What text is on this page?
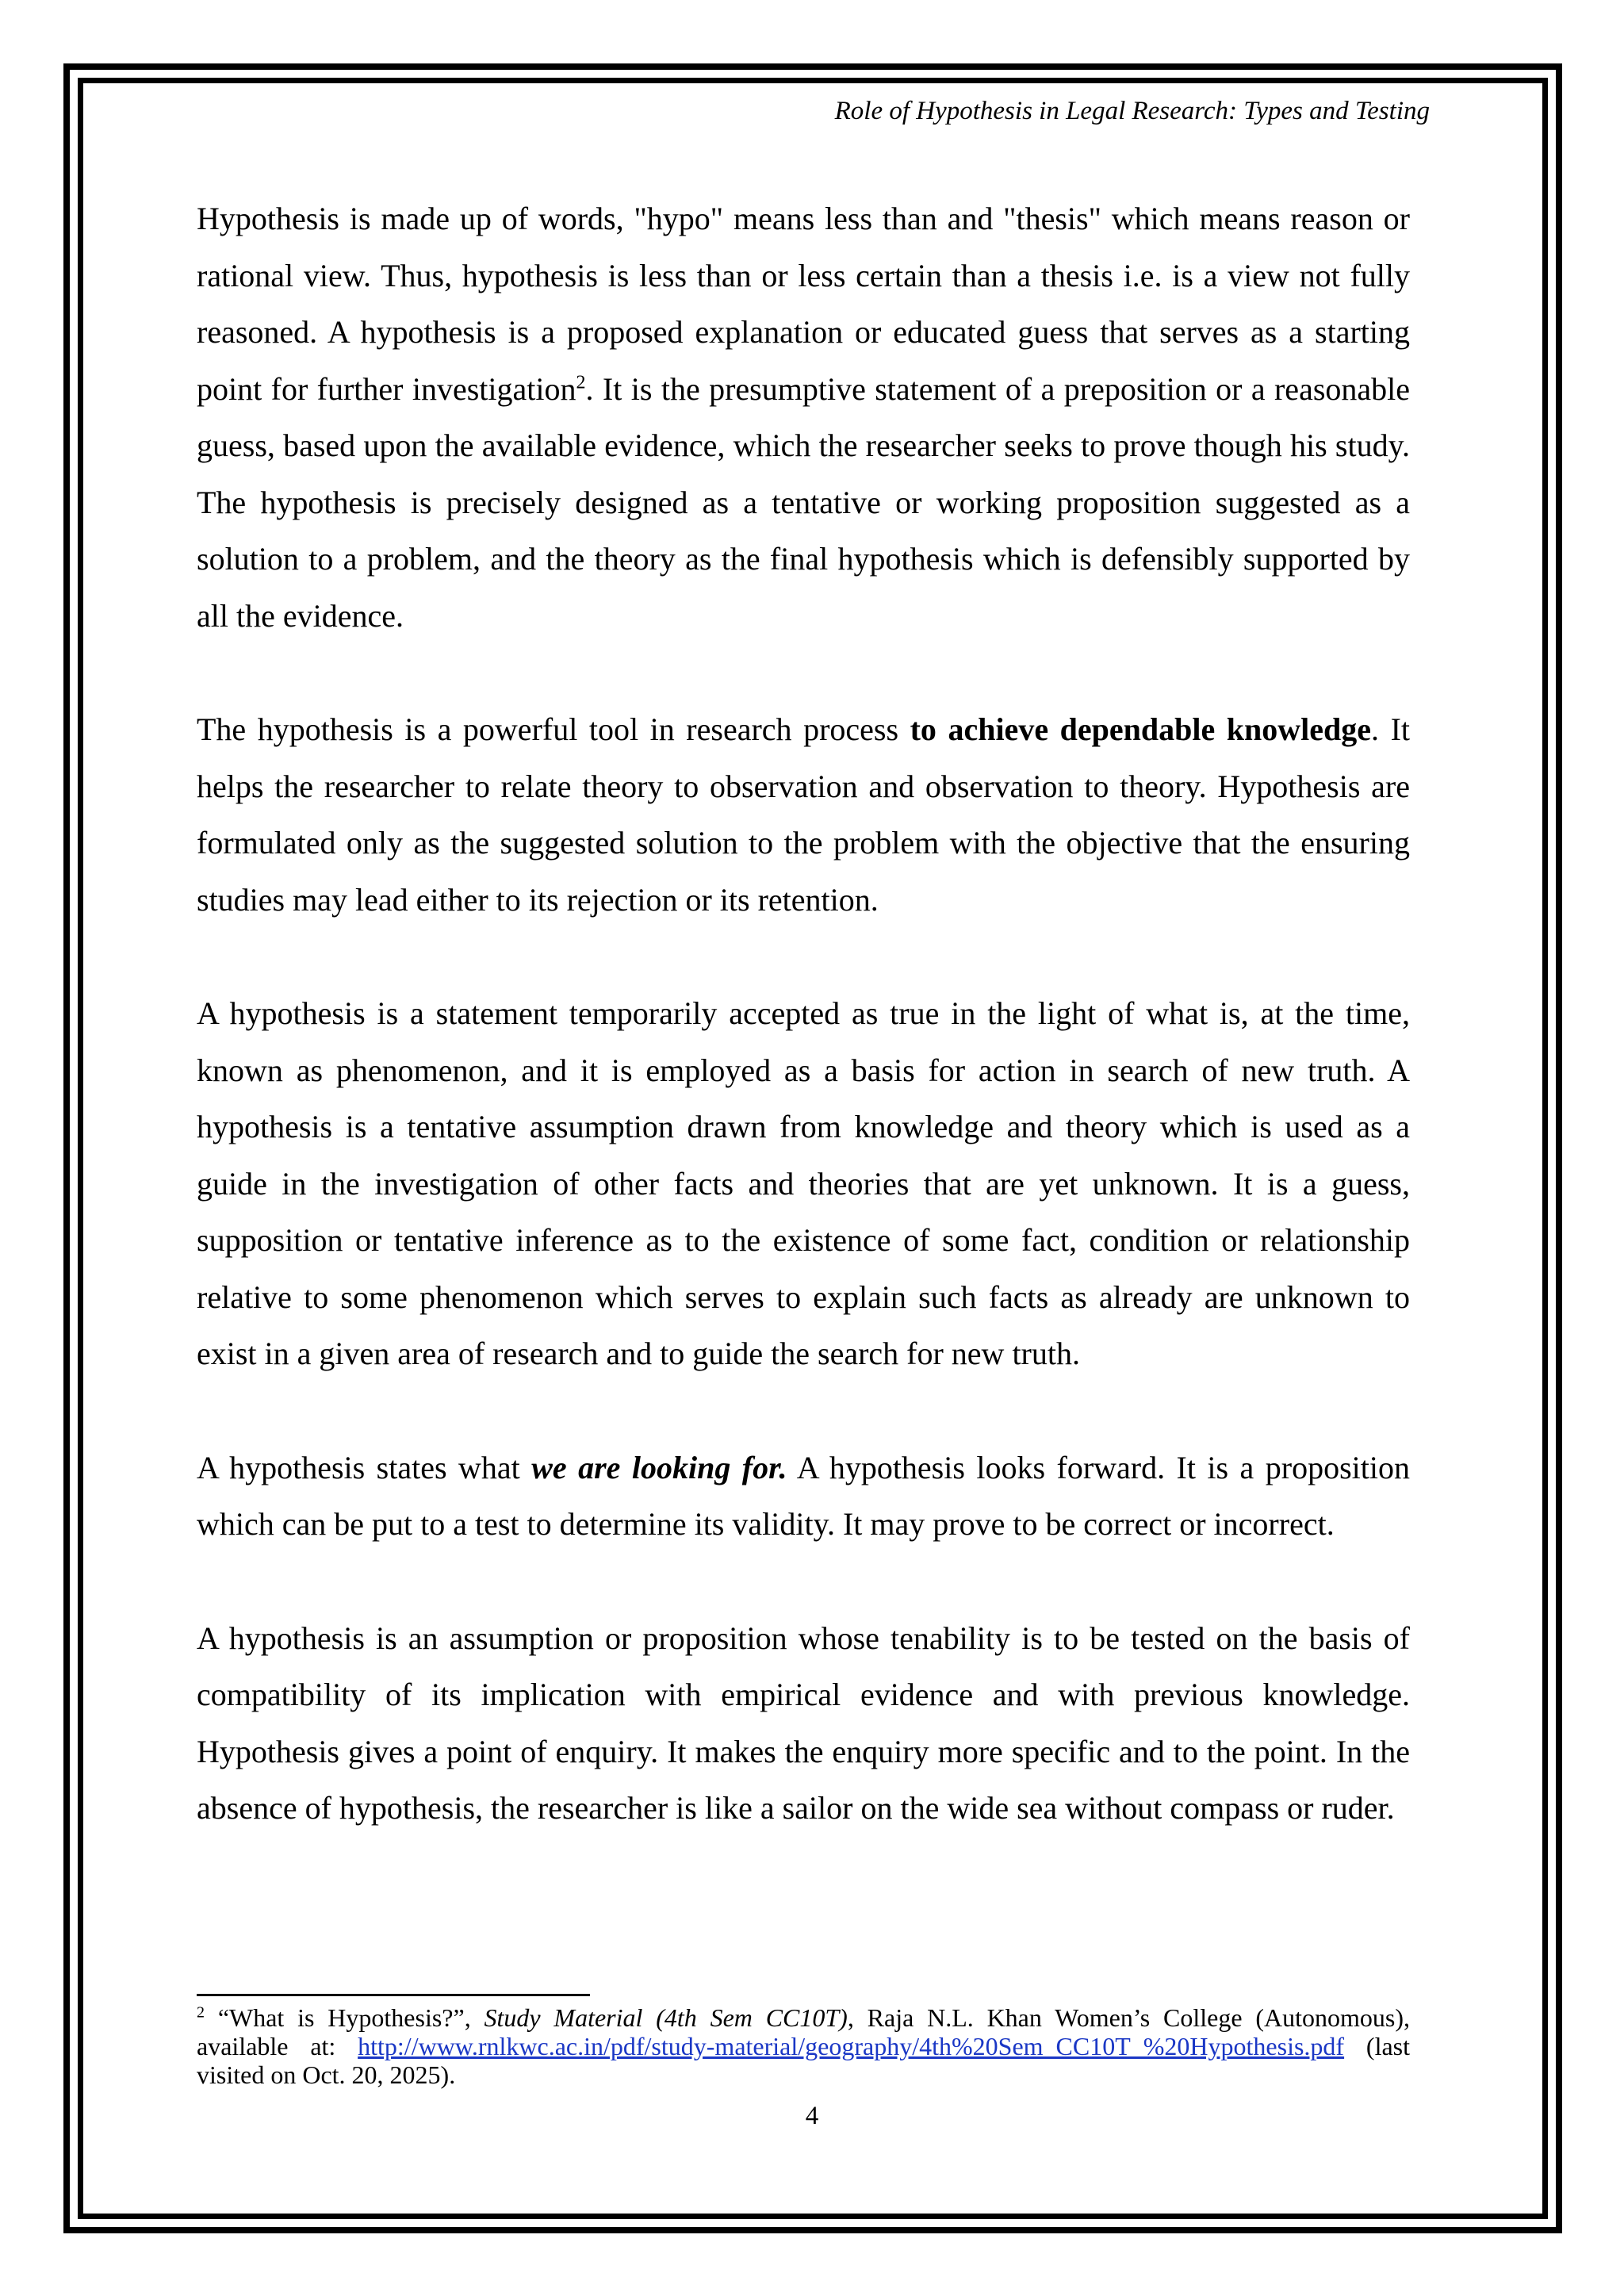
Role of Hypothesis in Legal Research: Types and Testing

Hypothesis is made up of words, "hypo" means less than and "thesis" which means reason or rational view. Thus, hypothesis is less than or less certain than a thesis i.e. is a view not fully reasoned. A hypothesis is a proposed explanation or educated guess that serves as a starting point for further investigation$^2$. It is the presumptive statement of a preposition or a reasonable guess, based upon the available evidence, which the researcher seeks to prove though his study. The hypothesis is precisely designed as a tentative or working proposition suggested as a solution to a problem, and the theory as the final hypothesis which is defensibly supported by all the evidence.

The hypothesis is a powerful tool in research process to achieve dependable knowledge. It helps the researcher to relate theory to observation and observation to theory. Hypothesis are formulated only as the suggested solution to the problem with the objective that the ensuring studies may lead either to its rejection or its retention.

A hypothesis is a statement temporarily accepted as true in the light of what is, at the time, known as phenomenon, and it is employed as a basis for action in search of new truth. A hypothesis is a tentative assumption drawn from knowledge and theory which is used as a guide in the investigation of other facts and theories that are yet unknown. It is a guess, supposition or tentative inference as to the existence of some fact, condition or relationship relative to some phenomenon which serves to explain such facts as already are unknown to exist in a given area of research and to guide the search for new truth.

A hypothesis states what we are looking for. A hypothesis looks forward. It is a proposition which can be put to a test to determine its validity. It may prove to be correct or incorrect.

A hypothesis is an assumption or proposition whose tenability is to be tested on the basis of compatibility of its implication with empirical evidence and with previous knowledge. Hypothesis gives a point of enquiry. It makes the enquiry more specific and to the point. In the absence of hypothesis, the researcher is like a sailor on the wide sea without compass or ruder.

$^2$ “What is Hypothesis?”, Study Material (4th Sem CC10T), Raja N.L. Khan Women’s College (Autonomous), available at: http://www.rnlkwc.ac.in/pdf/study-material/geography/4th%20Sem_CC10T_%20Hypothesis.pdf (last visited on Oct. 20, 2025).

4
